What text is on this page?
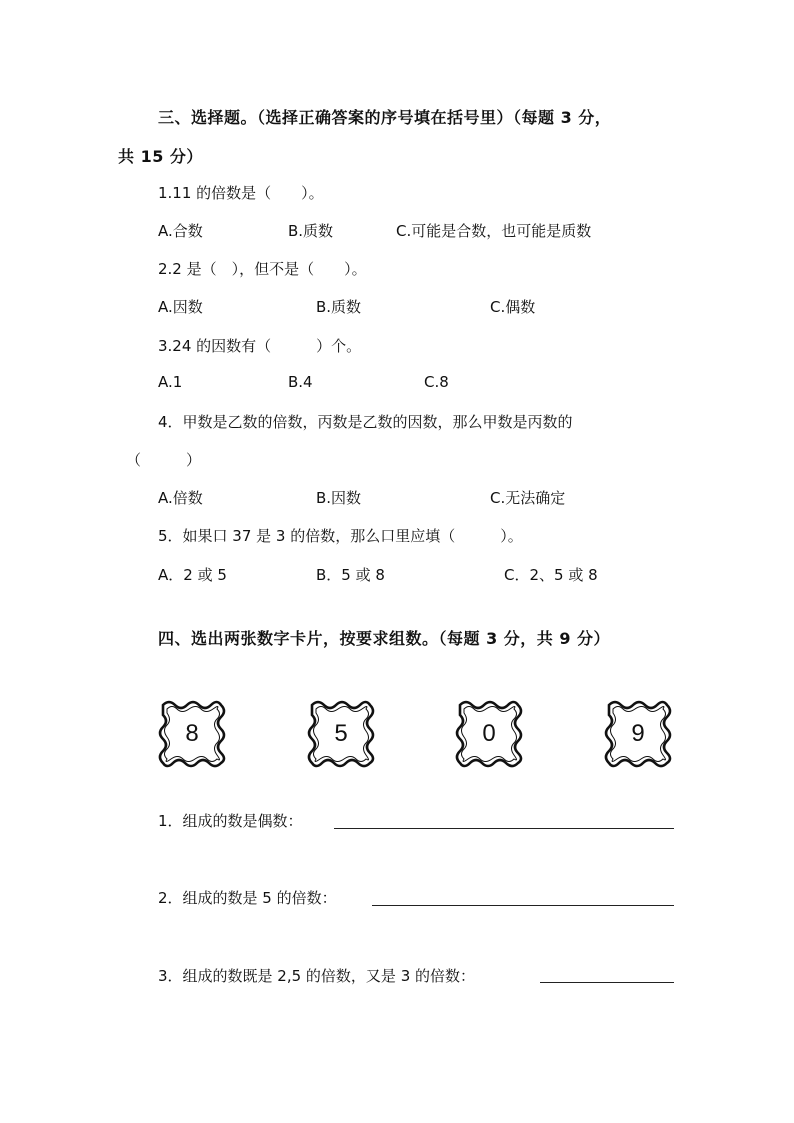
三、选择题。（选择正确答案的序号填在括号里）（每题 3 分，
共 15 分）
1.11 的倍数是（　　）。
A.合数	B.质数	C.可能是合数，也可能是质数
2.2 是（　），但不是（　　）。
A.因数	B.质数	C.偶数
3.24 的因数有（　　　）个。
A.1	B.4	C.8
4．甲数是乙数的倍数，丙数是乙数的因数，那么甲数是丙数的
（　　　）
A.倍数	B.因数	C.无法确定
5．如果口 37 是 3 的倍数，那么口里应填（　　　）。
A．2 或 5	B．5 或 8	C．2、5 或 8
四、选出两张数字卡片，按要求组数。（每题 3 分，共 9 分）
8	5	0	9
1．组成的数是偶数：
2．组成的数是 5 的倍数：
3．组成的数既是 2,5 的倍数，又是 3 的倍数：
